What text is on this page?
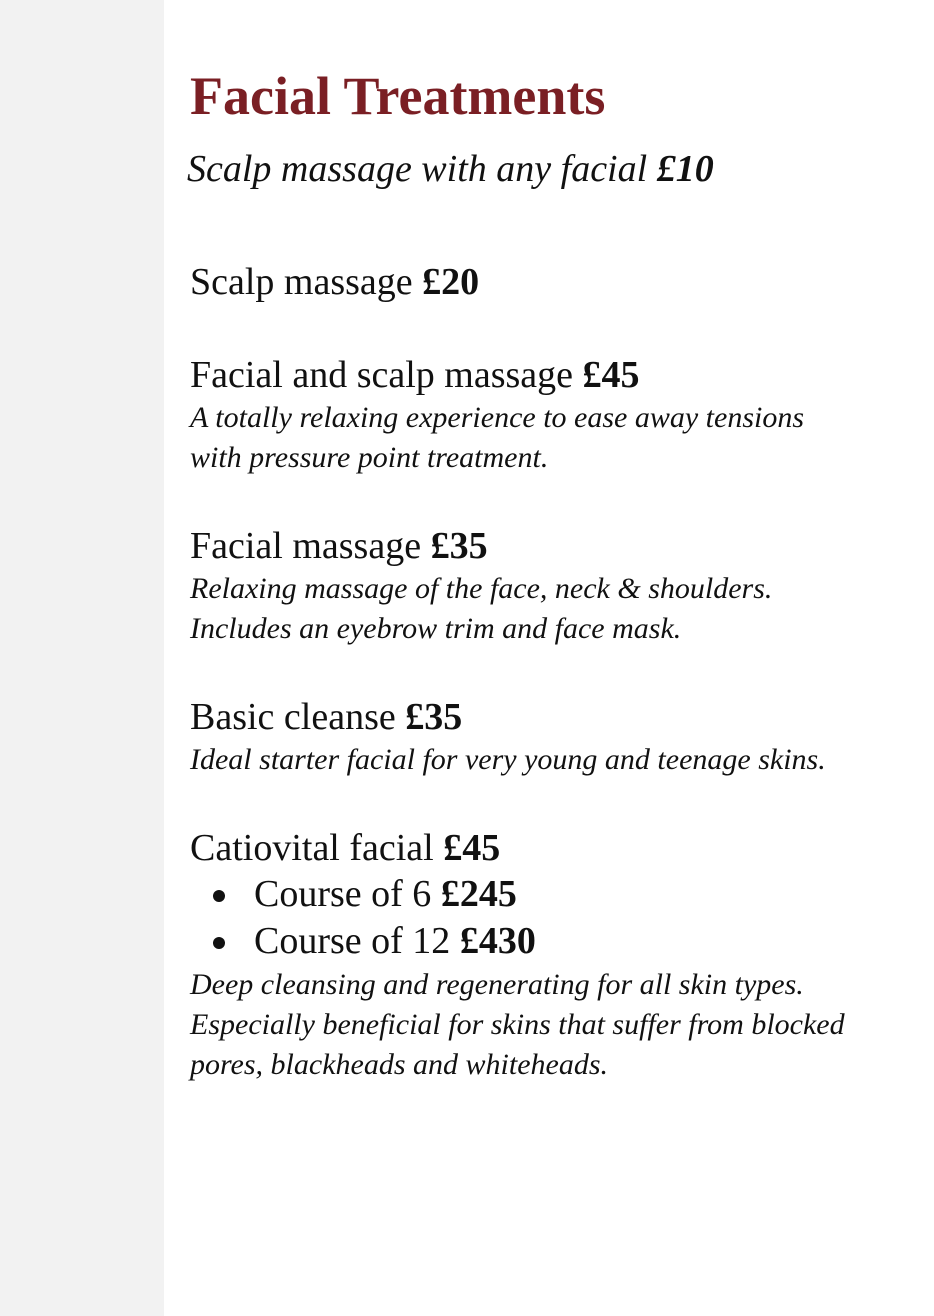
Facial Treatments
Scalp massage with any facial £10
Scalp massage £20
Facial and scalp massage £45
A totally relaxing experience to ease away tensions
with pressure point treatment.
Facial massage £35
Relaxing massage of the face, neck & shoulders.
Includes an eyebrow trim and face mask.
Basic cleanse £35
Ideal starter facial for very young and teenage skins.
Catiovital facial £45
Course of 6 £245
Course of 12 £430
Deep cleansing and regenerating for all skin types.
Especially beneficial for skins that suffer from blocked
pores, blackheads and whiteheads.
